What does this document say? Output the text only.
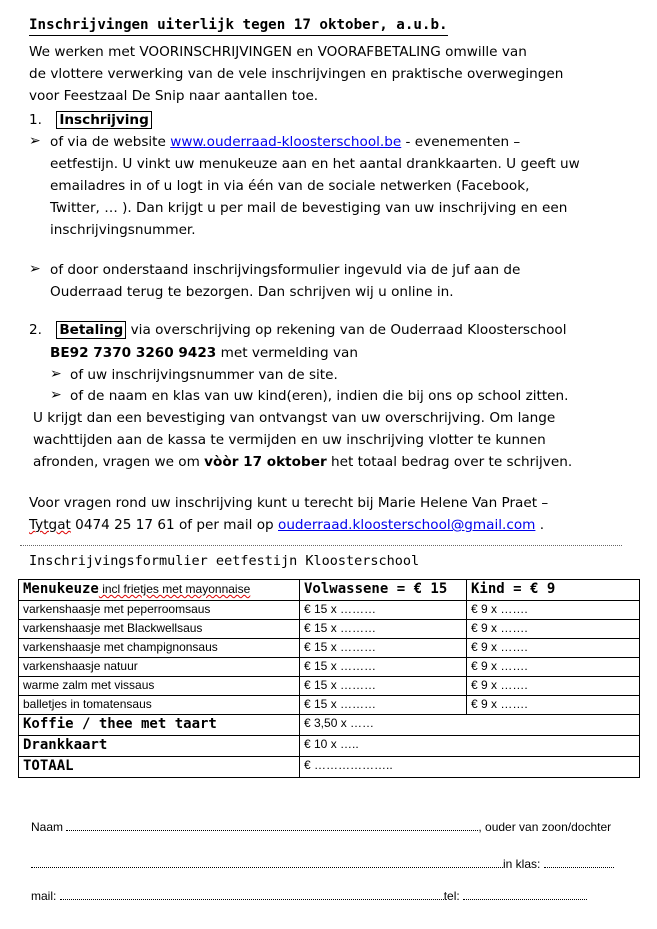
Inschrijvingen uiterlijk tegen 17 oktober, a.u.b.
We werken met VOORINSCHRIJVINGEN en VOORAFBETALING omwille van
de vlottere verwerking van de vele inschrijvingen en praktische overwegingen
voor Feestzaal De Snip naar aantallen toe.
1. Inschrijving
➢ of via de website www.ouderraad-kloosterschool.be - evenementen –
eetfestijn. U vinkt uw menukeuze aan en het aantal drankkaarten. U geeft uw
emailadres in of u logt in via één van de sociale netwerken (Facebook,
Twitter, … ). Dan krijgt u per mail de bevestiging van uw inschrijving en een
inschrijvingsnummer.
➢ of door onderstaand inschrijvingsformulier ingevuld via de juf aan de
Ouderraad terug te bezorgen. Dan schrijven wij u online in.
2. Betaling via overschrijving op rekening van de Ouderraad Kloosterschool
BE92 7370 3260 9423 met vermelding van
➢ of uw inschrijvingsnummer van de site.
➢ of de naam en klas van uw kind(eren), indien die bij ons op school zitten.
U krijgt dan een bevestiging van ontvangst van uw overschrijving. Om lange
wachttijden aan de kassa te vermijden en uw inschrijving vlotter te kunnen
afronden, vragen we om vòòr 17 oktober het totaal bedrag over te schrijven.
Voor vragen rond uw inschrijving kunt u terecht bij Marie Helene Van Praet –
Tytgat 0474 25 17 61 of per mail op ouderraad.kloosterschool@gmail.com .
Inschrijvingsformulier eetfestijn Kloosterschool
Menukeuze incl frietjes met mayonnaise	Volwassene = € 15	Kind = € 9
varkenshaasje met peperroomsaus	€ 15 x ………	€ 9 x …….
varkenshaasje met Blackwellsaus	€ 15 x ………	€ 9 x …….
varkenshaasje met champignonsaus	€ 15 x ………	€ 9 x …….
varkenshaasje natuur	€ 15 x ………	€ 9 x …….
warme zalm met vissaus	€ 15 x ………	€ 9 x …….
balletjes in tomatensaus	€ 15 x ………	€ 9 x …….
Koffie / thee met taart	€ 3,50 x ……	
Drankkaart	€ 10 x …..	
TOTAAL	€ ………………..	
Naam	, ouder van zoon/dochter
in klas:
mail:	tel:
